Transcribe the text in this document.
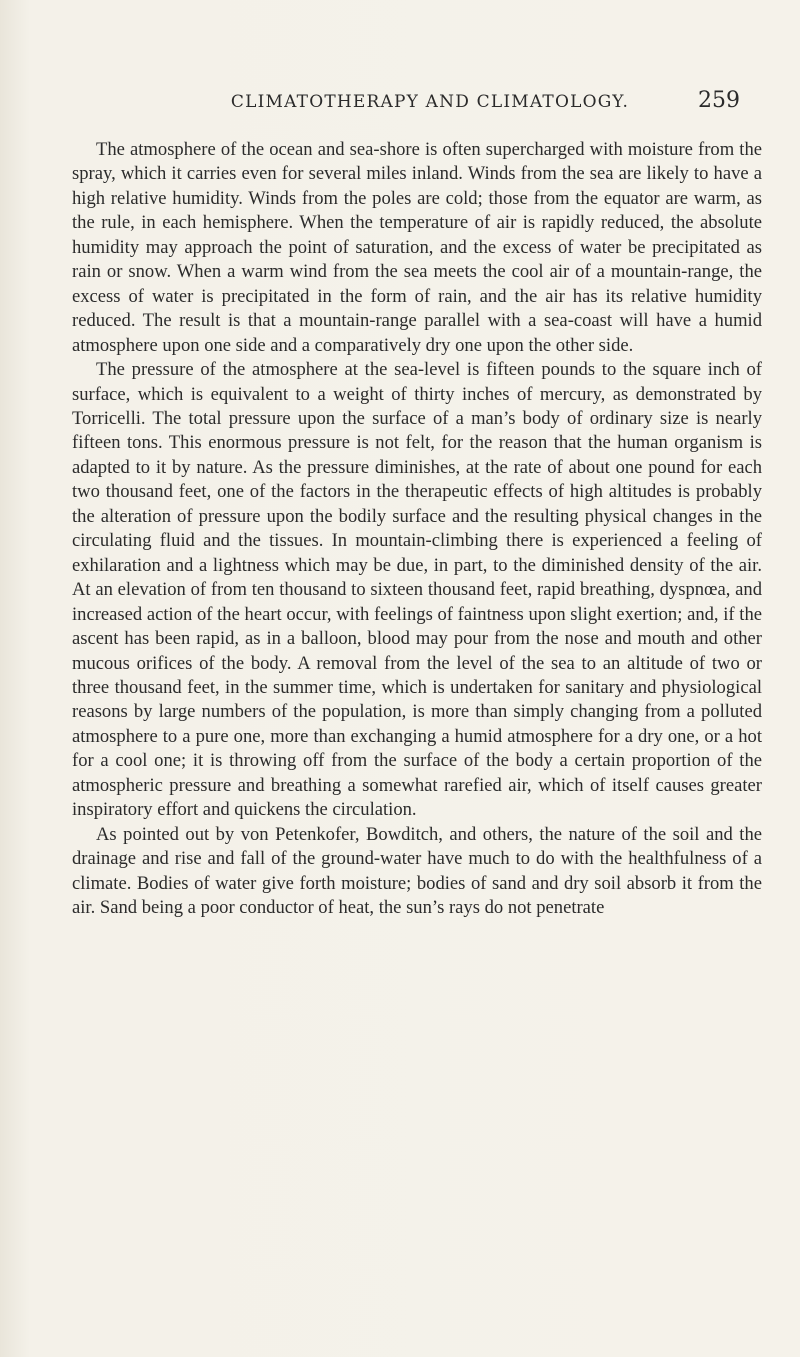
CLIMATOTHERAPY AND CLIMATOLOGY.	259

The atmosphere of the ocean and sea-shore is often supercharged with moisture from the spray, which it carries even for several miles inland. Winds from the sea are likely to have a high relative humidity. Winds from the poles are cold; those from the equator are warm, as the rule, in each hemisphere. When the temperature of air is rapidly reduced, the absolute humidity may approach the point of saturation, and the excess of water be precipitated as rain or snow. When a warm wind from the sea meets the cool air of a mountain-range, the excess of water is precipitated in the form of rain, and the air has its relative humidity reduced. The result is that a mountain-range parallel with a sea-coast will have a humid atmosphere upon one side and a comparatively dry one upon the other side.

The pressure of the atmosphere at the sea-level is fifteen pounds to the square inch of surface, which is equivalent to a weight of thirty inches of mercury, as demonstrated by Torricelli. The total pressure upon the surface of a man’s body of ordinary size is nearly fifteen tons. This enormous pressure is not felt, for the reason that the human organism is adapted to it by nature. As the pressure diminishes, at the rate of about one pound for each two thousand feet, one of the factors in the therapeutic effects of high altitudes is probably the alteration of pressure upon the bodily surface and the resulting physical changes in the circulating fluid and the tissues. In mountain-climbing there is experienced a feeling of exhilaration and a lightness which may be due, in part, to the diminished density of the air. At an elevation of from ten thousand to sixteen thousand feet, rapid breathing, dyspnœa, and increased action of the heart occur, with feelings of faintness upon slight exertion; and, if the ascent has been rapid, as in a balloon, blood may pour from the nose and mouth and other mucous orifices of the body. A removal from the level of the sea to an altitude of two or three thousand feet, in the summer time, which is undertaken for sanitary and physiological reasons by large numbers of the population, is more than simply changing from a polluted atmosphere to a pure one, more than exchanging a humid atmosphere for a dry one, or a hot for a cool one; it is throwing off from the surface of the body a certain proportion of the atmospheric pressure and breathing a somewhat rarefied air, which of itself causes greater inspiratory effort and quickens the circulation.

As pointed out by von Petenkofer, Bowditch, and others, the nature of the soil and the drainage and rise and fall of the ground-water have much to do with the healthfulness of a climate. Bodies of water give forth moisture; bodies of sand and dry soil absorb it from the air. Sand being a poor conductor of heat, the sun’s rays do not penetrate
